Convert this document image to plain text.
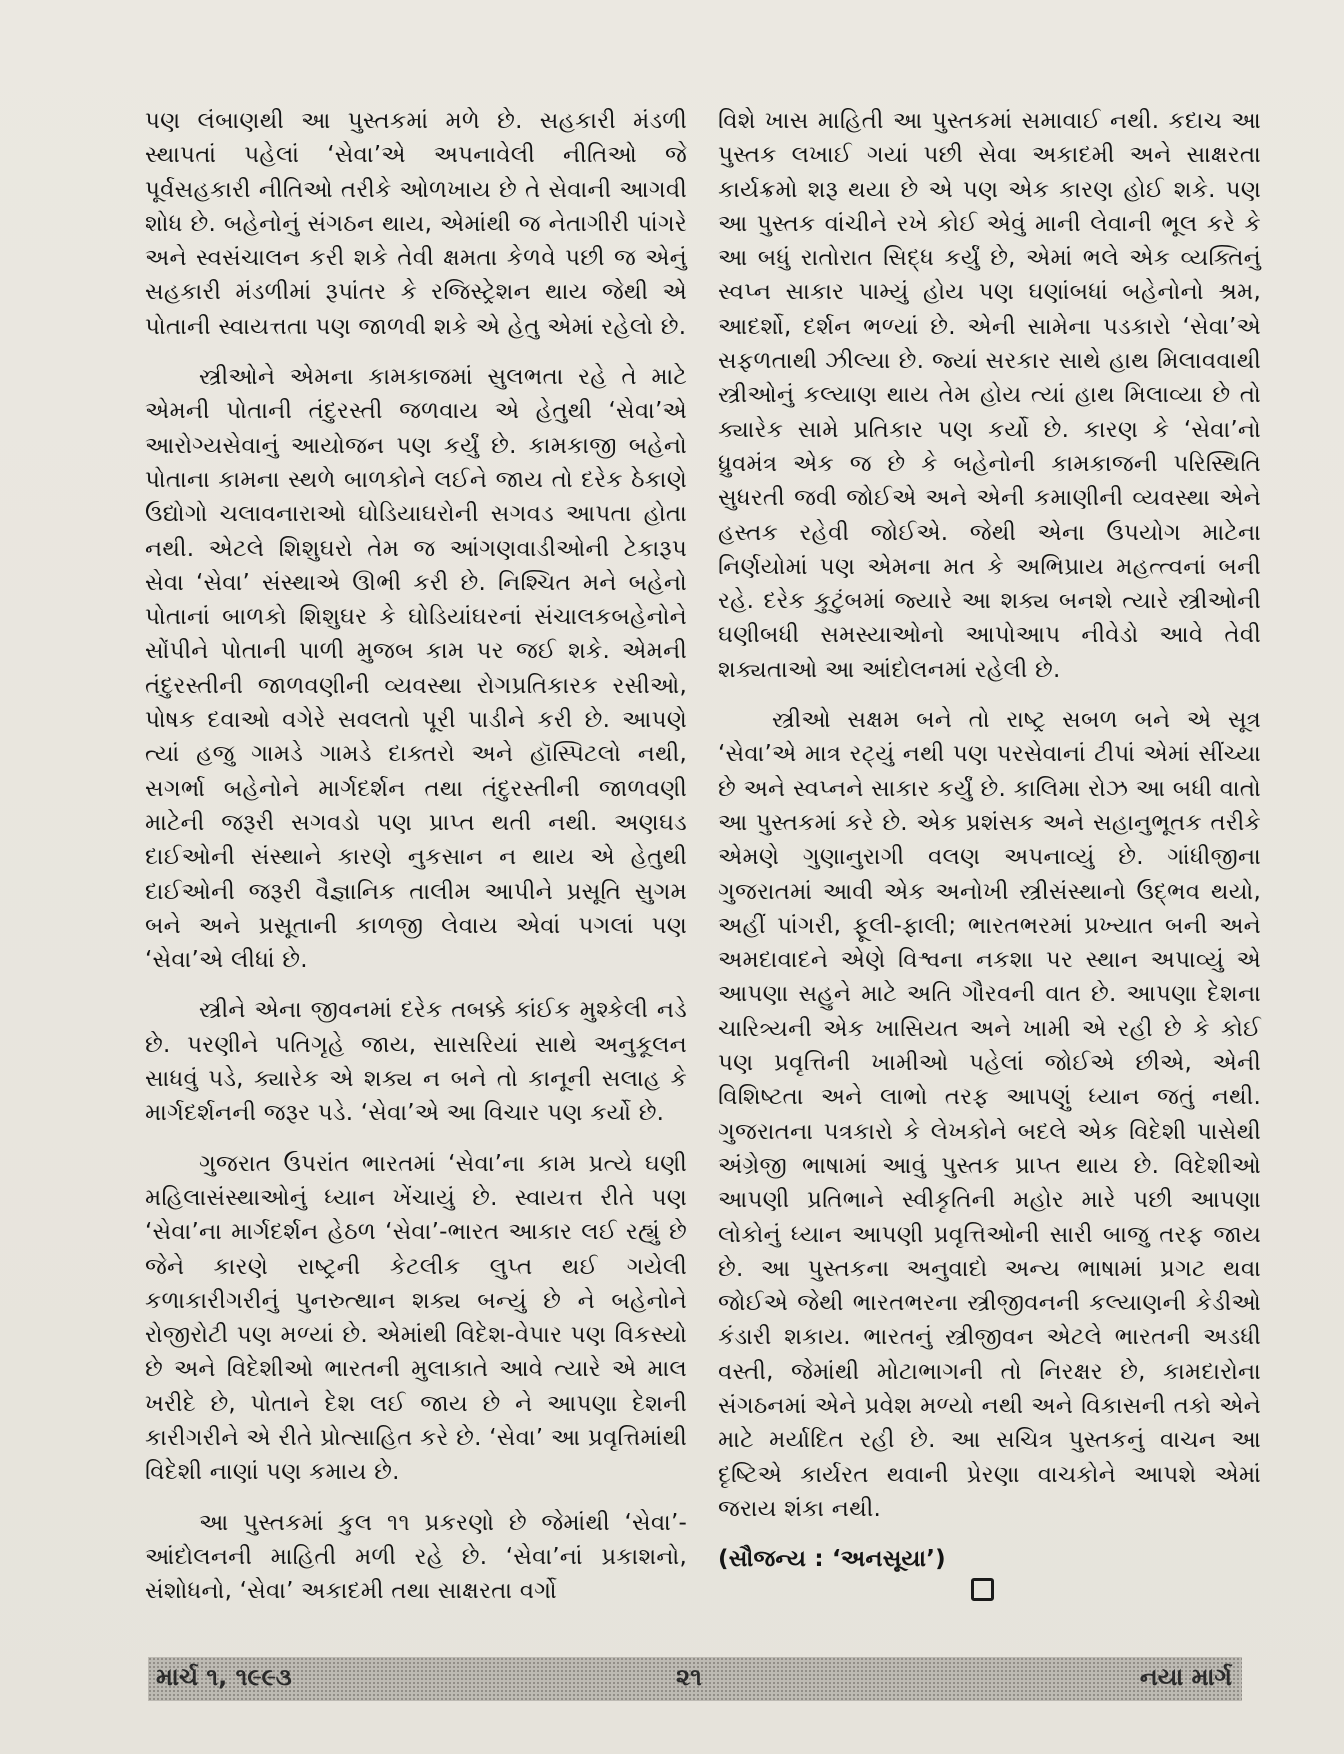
પણ લંબાણથી આ પુસ્તકમાં મળે છે. સહકારી મંડળી સ્થાપતાં પહેલાં ‘સેવા’એ અપનાવેલી નીતિઓ જે પૂર્વસહકારી નીતિઓ તરીકે ઓળખાય છે તે સેવાની આગવી શોધ છે. બહેનોનું સંગઠન થાય, એમાંથી જ નેતાગીરી પાંગરે અને સ્વસંચાલન કરી શકે તેવી ક્ષમતા કેળવે પછી જ એનું સહકારી મંડળીમાં રૂપાંતર કે રજિસ્ટ્રેશન થાય જેથી એ પોતાની સ્વાયત્તતા પણ જાળવી શકે એ હેતુ એમાં રહેલો છે.

સ્ત્રીઓને એમના કામકાજમાં સુલભતા રહે તે માટે એમની પોતાની તંદુરસ્તી જળવાય એ હેતુથી ‘સેવા’એ આરોગ્યસેવાનું આયોજન પણ કર્યું છે. કામકાજી બહેનો પોતાના કામના સ્થળે બાળકોને લઈને જાય તો દરેક ઠેકાણે ઉદ્યોગો ચલાવનારાઓ ઘોડિયાઘરોની સગવડ આપતા હોતા નથી. એટલે શિશુઘરો તેમ જ આંગણવાડીઓની ટેકારૂપ સેવા ‘સેવા’ સંસ્થાએ ઊભી કરી છે. નિશ્ચિત મને બહેનો પોતાનાં બાળકો શિશુઘર કે ઘોડિયાંઘરનાં સંચાલકબહેનોને સોંપીને પોતાની પાળી મુજબ કામ પર જઈ શકે. એમની તંદુરસ્તીની જાળવણીની વ્યવસ્થા રોગપ્રતિકારક રસીઓ, પોષક દવાઓ વગેરે સવલતો પૂરી પાડીને કરી છે. આપણે ત્યાં હજુ ગામડે ગામડે દાક્તરો અને હૉસ્પિટલો નથી, સગર્ભા બહેનોને માર્ગદર્શન તથા તંદુરસ્તીની જાળવણી માટેની જરૂરી સગવડો પણ પ્રાપ્ત થતી નથી. અણઘડ દાઈઓની સંસ્થાને કારણે નુકસાન ન થાય એ હેતુથી દાઈઓની જરૂરી વૈજ્ઞાનિક તાલીમ આપીને પ્રસૂતિ સુગમ બને અને પ્રસૂતાની કાળજી લેવાય એવાં પગલાં પણ ‘સેવા’એ લીધાં છે.

સ્ત્રીને એના જીવનમાં દરેક તબક્કે કાંઈક મુશ્કેલી નડે છે. પરણીને પતિગૃહે જાય, સાસરિયાં સાથે અનુકૂલન સાધવું પડે, ક્યારેક એ શક્ય ન બને તો કાનૂની સલાહ કે માર્ગદર્શનની જરૂર પડે. ‘સેવા’એ આ વિચાર પણ કર્યો છે.

ગુજરાત ઉપરાંત ભારતમાં ‘સેવા’ના કામ પ્રત્યે ઘણી મહિલાસંસ્થાઓનું ધ્યાન ખેંચાયું છે. સ્વાયત્ત રીતે પણ ‘સેવા’ના માર્ગદર્શન હેઠળ ‘સેવા’-ભારત આકાર લઈ રહ્યું છે જેને કારણે રાષ્ટ્રની કેટલીક લુપ્ત થઈ ગયેલી કળાકારીગરીનું પુનરુત્થાન શક્ય બન્યું છે ને બહેનોને રોજીરોટી પણ મળ્યાં છે. એમાંથી વિદેશ-વેપાર પણ વિકસ્યો છે અને વિદેશીઓ ભારતની મુલાકાતે આવે ત્યારે એ માલ ખરીદે છે, પોતાને દેશ લઈ જાય છે ને આપણા દેશની કારીગરીને એ રીતે પ્રોત્સાહિત કરે છે. ‘સેવા’ આ પ્રવૃત્તિમાંથી વિદેશી નાણાં પણ કમાય છે.

આ પુસ્તકમાં કુલ ૧૧ પ્રકરણો છે જેમાંથી ‘સેવા’-આંદોલનની માહિતી મળી રહે છે. ‘સેવા’નાં પ્રકાશનો, સંશોધનો, ‘સેવા’ અકાદમી તથા સાક્ષરતા વર્ગો

વિશે ખાસ માહિતી આ પુસ્તકમાં સમાવાઈ નથી. કદાચ આ પુસ્તક લખાઈ ગયાં પછી સેવા અકાદમી અને સાક્ષરતા કાર્યક્રમો શરૂ થયા છે એ પણ એક કારણ હોઈ શકે. પણ આ પુસ્તક વાંચીને રખે કોઈ એવું માની લેવાની ભૂલ કરે કે આ બધું રાતોરાત સિદ્ધ કર્યું છે, એમાં ભલે એક વ્યક્તિનું સ્વપ્ન સાકાર પામ્યું હોય પણ ઘણાંબધાં બહેનોનો શ્રમ, આદર્શો, દર્શન ભળ્યાં છે. એની સામેના પડકારો ‘સેવા’એ સફળતાથી ઝીલ્યા છે. જ્યાં સરકાર સાથે હાથ મિલાવવાથી સ્ત્રીઓનું કલ્યાણ થાય તેમ હોય ત્યાં હાથ મિલાવ્યા છે તો ક્યારેક સામે પ્રતિકાર પણ કર્યો છે. કારણ કે ‘સેવા’નો ધ્રુવમંત્ર એક જ છે કે બહેનોની કામકાજની પરિસ્થિતિ સુધરતી જવી જોઈએ અને એની કમાણીની વ્યવસ્થા એને હસ્તક રહેવી જોઈએ. જેથી એના ઉપયોગ માટેના નિર્ણયોમાં પણ એમના મત કે અભિપ્રાય મહત્ત્વનાં બની રહે. દરેક કુટુંબમાં જ્યારે આ શક્ય બનશે ત્યારે સ્ત્રીઓની ઘણીબધી સમસ્યાઓનો આપોઆપ નીવેડો આવે તેવી શક્યતાઓ આ આંદોલનમાં રહેલી છે.

સ્ત્રીઓ સક્ષમ બને તો રાષ્ટ્ર સબળ બને એ સૂત્ર ‘સેવા’એ માત્ર રટ્યું નથી પણ પરસેવાનાં ટીપાં એમાં સીંચ્યા છે અને સ્વપ્નને સાકાર કર્યું છે. કાલિમા રોઝ આ બધી વાતો આ પુસ્તકમાં કરે છે. એક પ્રશંસક અને સહાનુભૂતક તરીકે એમણે ગુણાનુરાગી વલણ અપનાવ્યું છે. ગાંધીજીના ગુજરાતમાં આવી એક અનોખી સ્ત્રીસંસ્થાનો ઉદ્ભવ થયો, અહીં પાંગરી, ફૂલી-ફાલી; ભારતભરમાં પ્રખ્યાત બની અને અમદાવાદને એણે વિશ્વના નકશા પર સ્થાન અપાવ્યું એ આપણા સહુને માટે અતિ ગૌરવની વાત છે. આપણા દેશના ચારિત્ર્યની એક ખાસિયત અને ખામી એ રહી છે કે કોઈ પણ પ્રવૃત્તિની ખામીઓ પહેલાં જોઈએ છીએ, એની વિશિષ્ટતા અને લાભો તરફ આપણું ધ્યાન જતું નથી. ગુજરાતના પત્રકારો કે લેખકોને બદલે એક વિદેશી પાસેથી અંગ્રેજી ભાષામાં આવું પુસ્તક પ્રાપ્ત થાય છે. વિદેશીઓ આપણી પ્રતિભાને સ્વીકૃતિની મહોર મારે પછી આપણા લોકોનું ધ્યાન આપણી પ્રવૃત્તિઓની સારી બાજુ તરફ જાય છે. આ પુસ્તકના અનુવાદો અન્ય ભાષામાં પ્રગટ થવા જોઈએ જેથી ભારતભરના સ્ત્રીજીવનની કલ્યાણની કેડીઓ કંડારી શકાય. ભારતનું સ્ત્રીજીવન એટલે ભારતની અડધી વસ્તી, જેમાંથી મોટાભાગની તો નિરક્ષર છે, કામદારોના સંગઠનમાં એને પ્રવેશ મળ્યો નથી અને વિકાસની તકો એને માટે મર્યાદિત રહી છે. આ સચિત્ર પુસ્તકનું વાચન આ દૃષ્ટિએ કાર્યરત થવાની પ્રેરણા વાચકોને આપશે એમાં જરાય શંકા નથી.

(સૌજન્ય : ‘અનસૂયા’)

માર્ચ ૧, ૧૯૯૩	૨૧	નયા માર્ગ
